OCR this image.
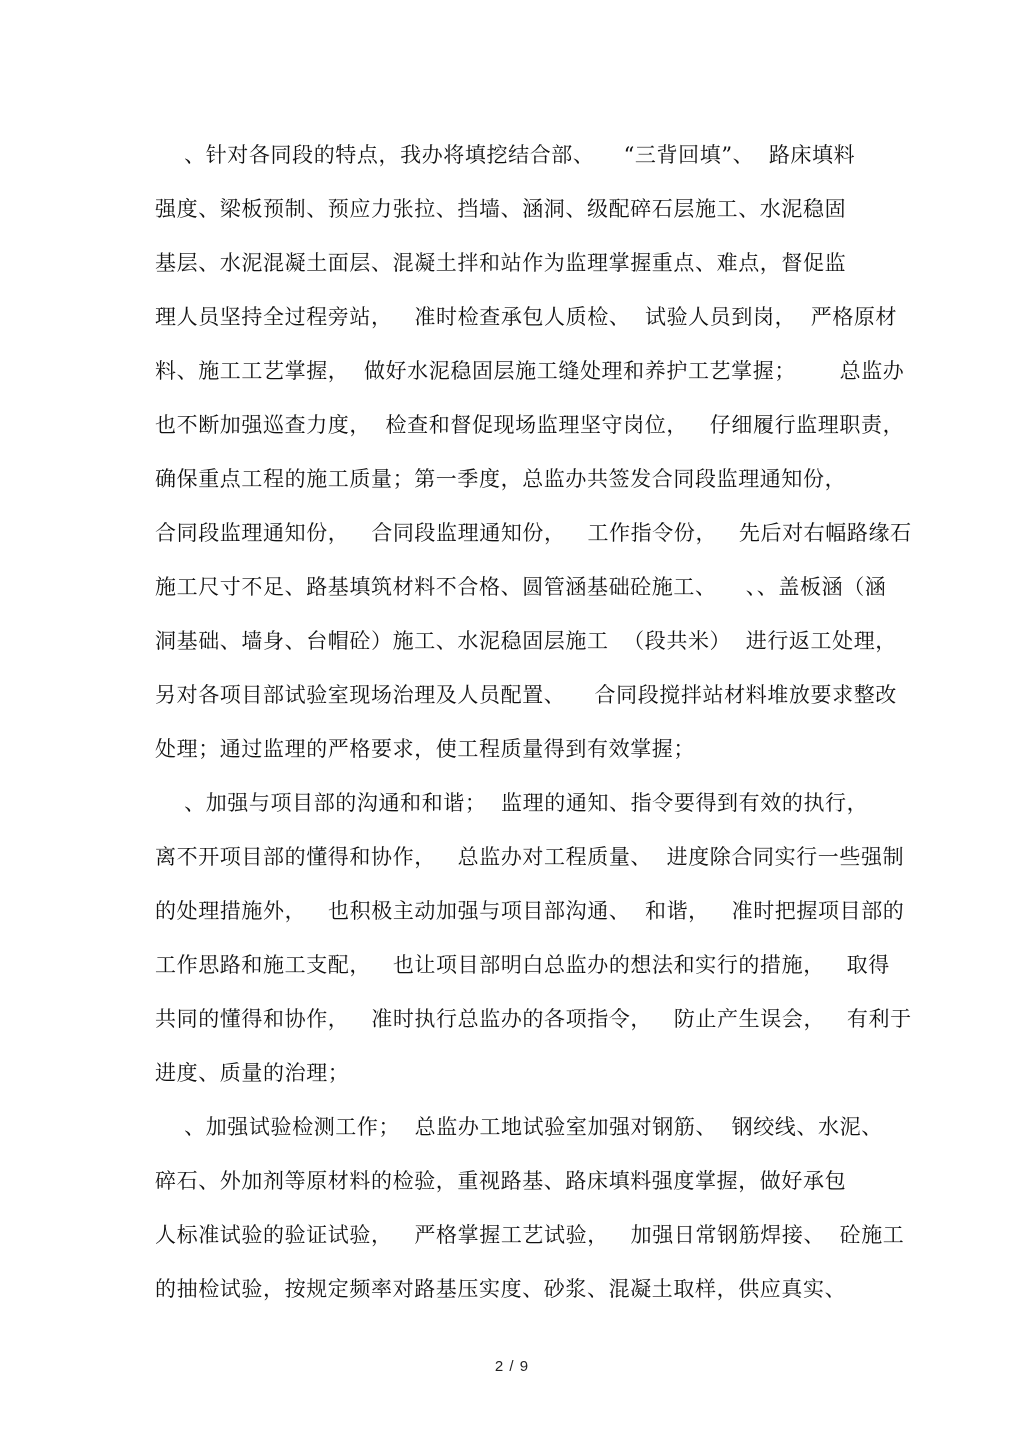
、针对各同段的特点，我办将填挖结合部、    “三背回填”、  路床填料
强度、梁板预制、预应力张拉、挡墙、涵洞、级配碎石层施工、水泥稳固
基层、水泥混凝土面层、混凝土拌和站作为监理掌握重点、难点，督促监
理人员坚持全过程旁站，   准时检查承包人质检、  试验人员到岗，  严格原材
料、施工工艺掌握，  做好水泥稳固层施工缝处理和养护工艺掌握；      总监办
也不断加强巡查力度，  检查和督促现场监理坚守岗位，   仔细履行监理职责，
确保重点工程的施工质量；第一季度，总监办共签发合同段监理通知份，
合同段监理通知份，   合同段监理通知份，   工作指令份，   先后对右幅路缘石
施工尺寸不足、路基填筑材料不合格、圆管涵基础砼施工、    、、盖板涵（涵
洞基础、墙身、台帽砼）施工、水泥稳固层施工  （段共米）  进行返工处理，
另对各项目部试验室现场治理及人员配置、    合同段搅拌站材料堆放要求整改
处理；通过监理的严格要求，使工程质量得到有效掌握；
、加强与项目部的沟通和和谐；  监理的通知、指令要得到有效的执行，
离不开项目部的懂得和协作，   总监办对工程质量、  进度除合同实行一些强制
的处理措施外，   也积极主动加强与项目部沟通、  和谐，   准时把握项目部的
工作思路和施工支配，   也让项目部明白总监办的想法和实行的措施，   取得
共同的懂得和协作，   准时执行总监办的各项指令，   防止产生误会，   有利于
进度、质量的治理；
、加强试验检测工作；  总监办工地试验室加强对钢筋、  钢绞线、水泥、
碎石、外加剂等原材料的检验，重视路基、路床填料强度掌握，做好承包
人标准试验的验证试验，   严格掌握工艺试验，   加强日常钢筋焊接、  砼施工
的抽检试验，按规定频率对路基压实度、砂浆、混凝土取样，供应真实、
2 / 9
